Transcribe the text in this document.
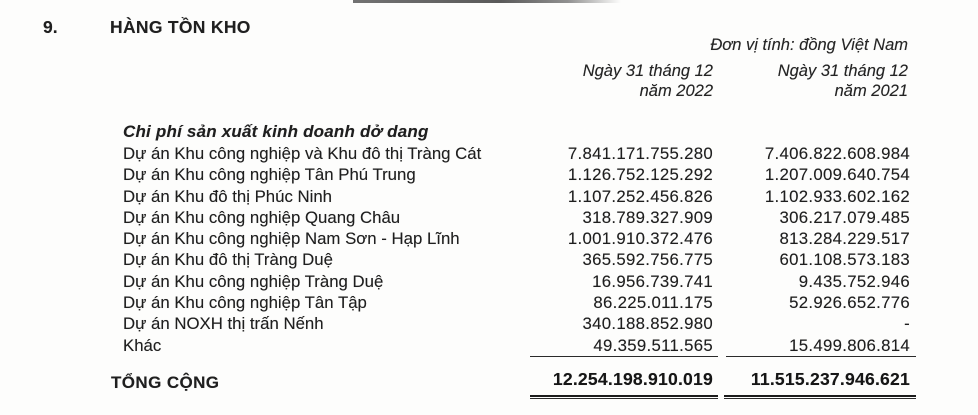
9.	HÀNG TỒN KHO
Đơn vị tính: đồng Việt Nam
Ngày 31 tháng 12
năm 2022
Ngày 31 tháng 12
năm 2021
Chi phí sản xuất kinh doanh dở dang
Dự án Khu công nghiệp và Khu đô thị Tràng Cát	7.841.171.755.280	7.406.822.608.984
Dự án Khu công nghiệp Tân Phú Trung	1.126.752.125.292	1.207.009.640.754
Dự án Khu đô thị Phúc Ninh	1.107.252.456.826	1.102.933.602.162
Dự án Khu công nghiệp Quang Châu	318.789.327.909	306.217.079.485
Dự án Khu công nghiệp Nam Sơn - Hạp Lĩnh	1.001.910.372.476	813.284.229.517
Dự án Khu đô thị Tràng Duệ	365.592.756.775	601.108.573.183
Dự án Khu công nghiệp Tràng Duệ	16.956.739.741	9.435.752.946
Dự án Khu công nghiệp Tân Tập	86.225.011.175	52.926.652.776
Dự án NOXH thị trấn Nếnh	340.188.852.980	-
Khác	49.359.511.565	15.499.806.814
TỔNG CỘNG	12.254.198.910.019	11.515.237.946.621
